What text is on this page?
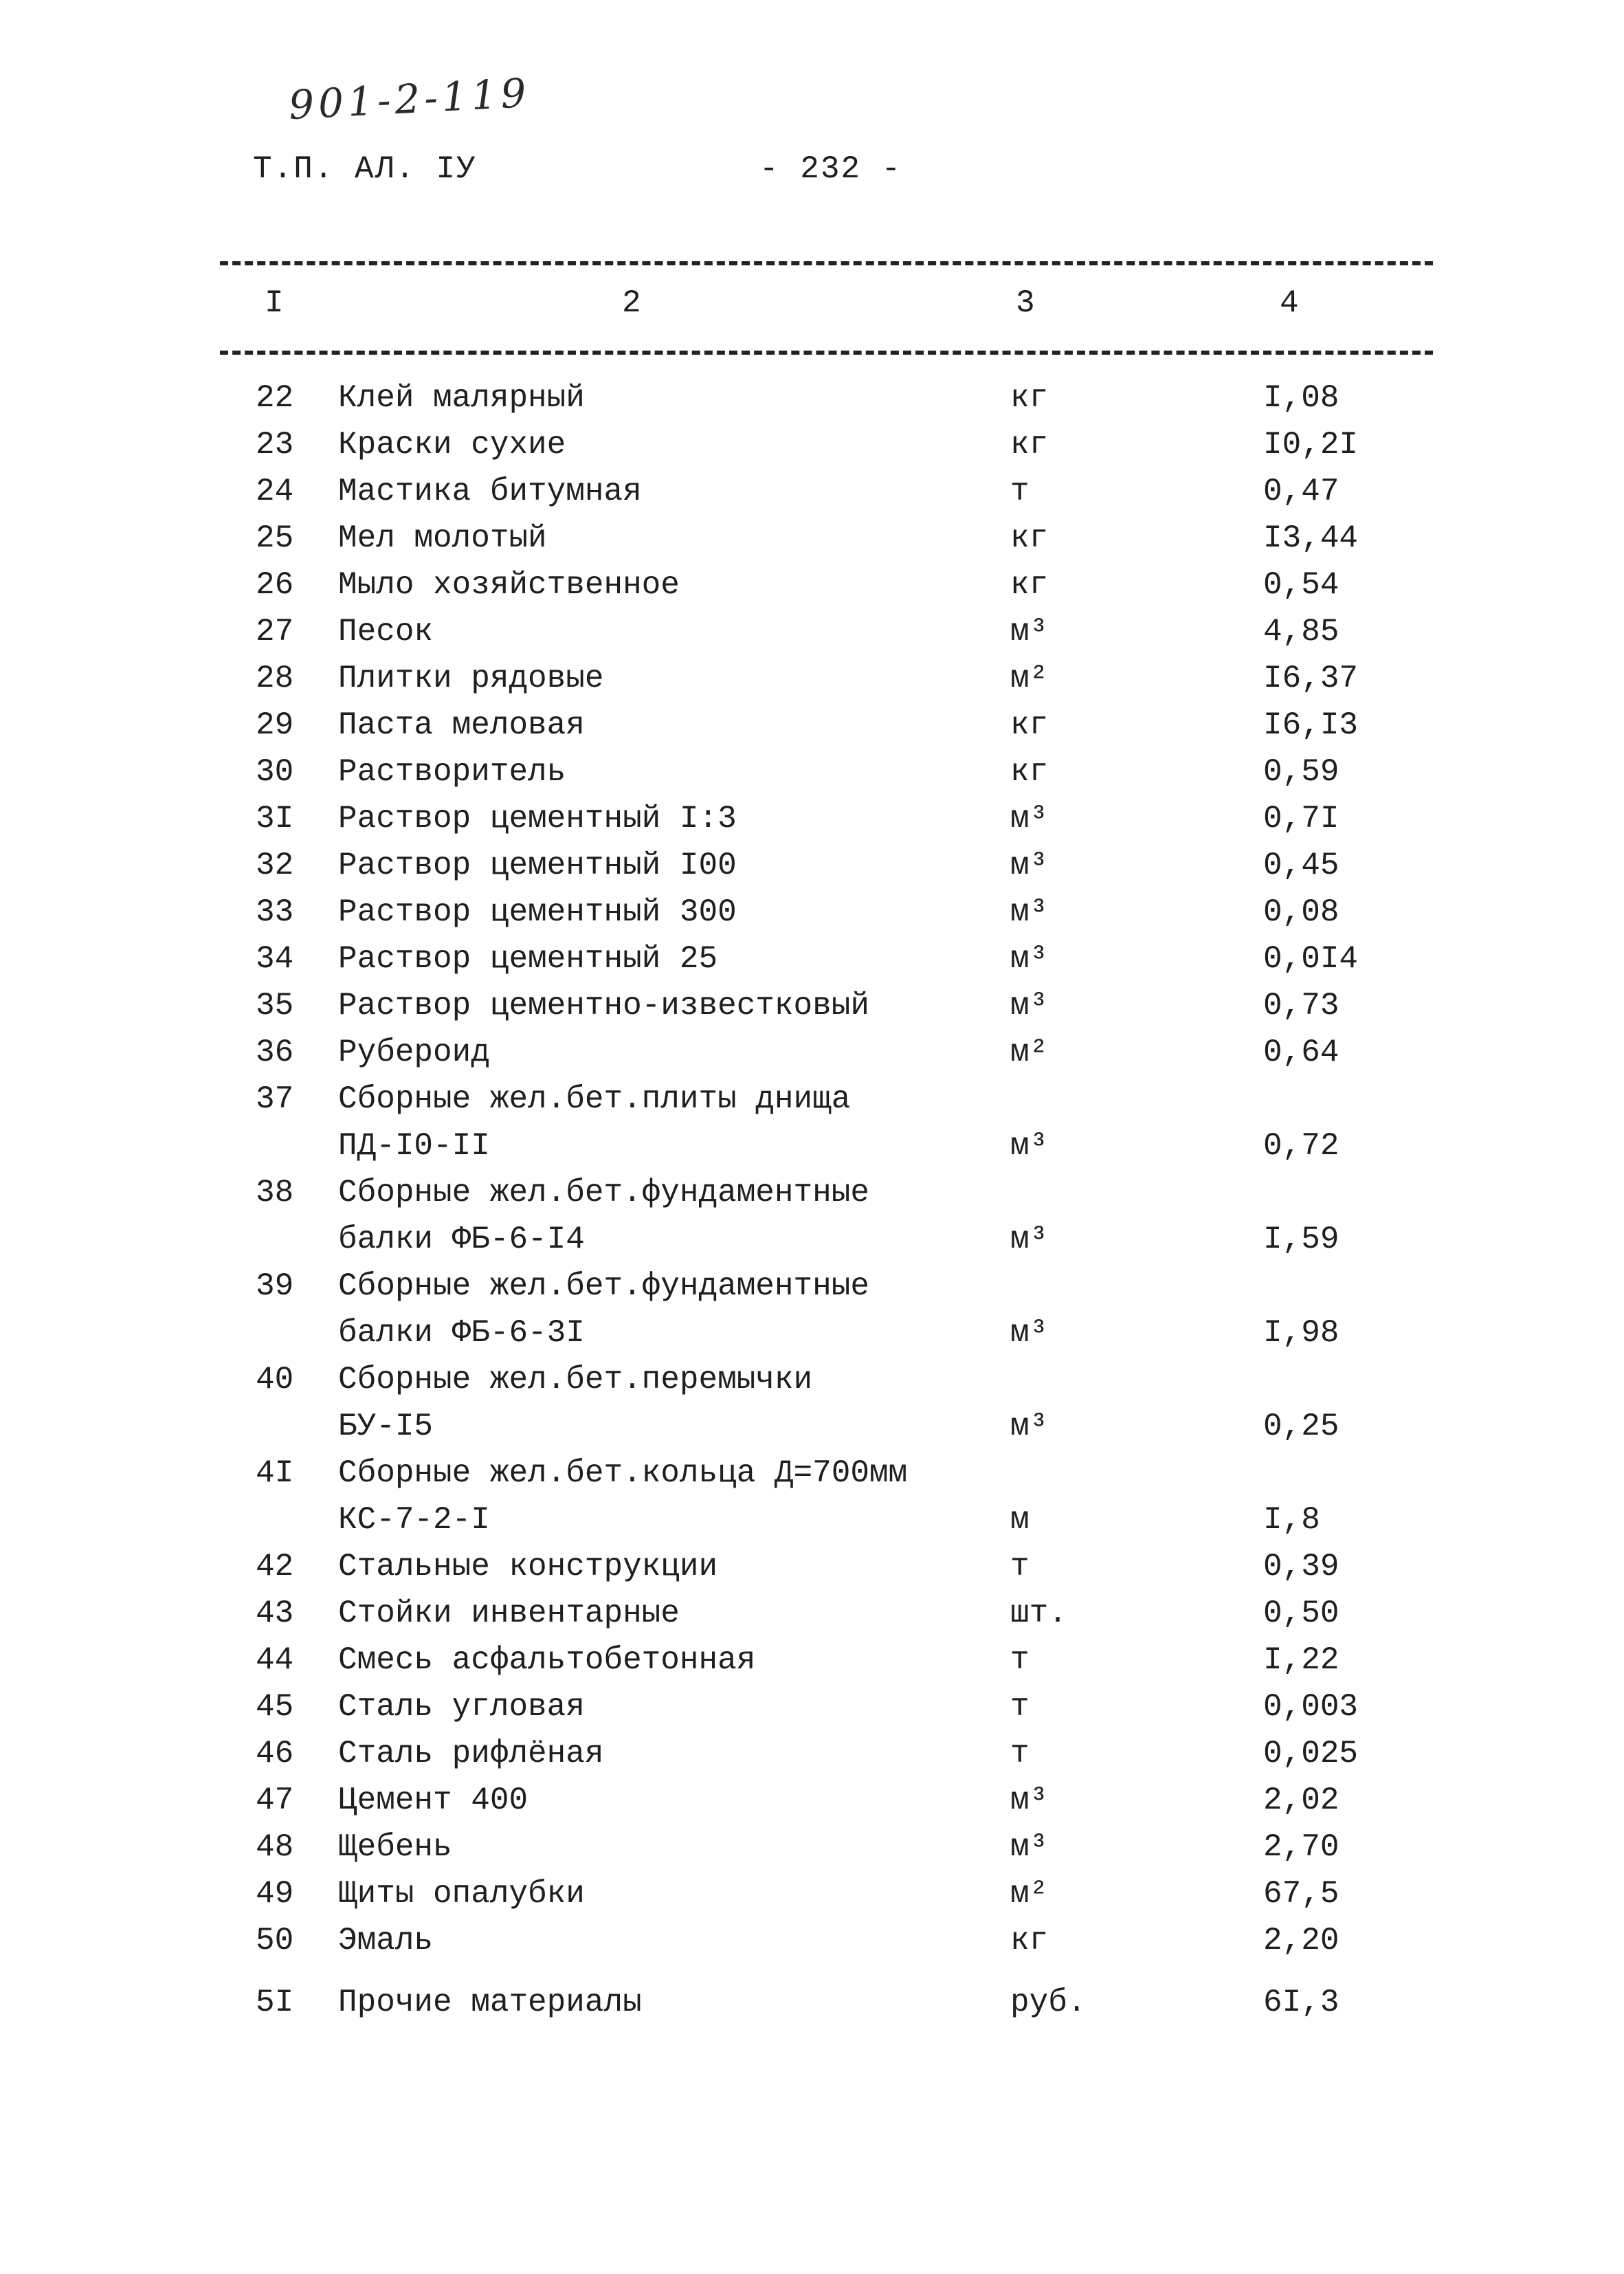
901-2-119
Т.П. АЛ. IУ	- 232 -
I	2	3	4
22 Клей малярный	кг	I,08
23 Краски сухие	кг	I0,2I
24 Мастика битумная	т	0,47
25 Мел молотый	кг	I3,44
26 Мыло хозяйственное	кг	0,54
27 Песок	м³	4,85
28 Плитки рядовые	м²	I6,37
29 Паста меловая	кг	I6,I3
30 Растворитель	кг	0,59
3I Раствор цементный I:3	м³	0,7I
32 Раствор цементный I00	м³	0,45
33 Раствор цементный 300	м³	0,08
34 Раствор цементный 25	м³	0,0I4
35 Раствор цементно-известковый	м³	0,73
36 Рубероид	м²	0,64
37 Сборные жел.бет.плиты днища
ПД-I0-II	м³	0,72
38 Сборные жел.бет.фундаментные
балки ФБ-6-I4	м³	I,59
39 Сборные жел.бет.фундаментные
балки ФБ-6-3I	м³	I,98
40 Сборные жел.бет.перемычки
БУ-I5	м³	0,25
4I Сборные жел.бет.кольца Д=700мм
КС-7-2-I	м	I,8
42 Стальные конструкции	т	0,39
43 Стойки инвентарные	шт.	0,50
44 Смесь асфальтобетонная	т	I,22
45 Сталь угловая	т	0,003
46 Сталь рифлёная	т	0,025
47 Цемент 400	м³	2,02
48 Щебень	м³	2,70
49 Щиты опалубки	м²	67,5
50 Эмаль	кг	2,20
5I Прочие материалы	руб.	6I,3
